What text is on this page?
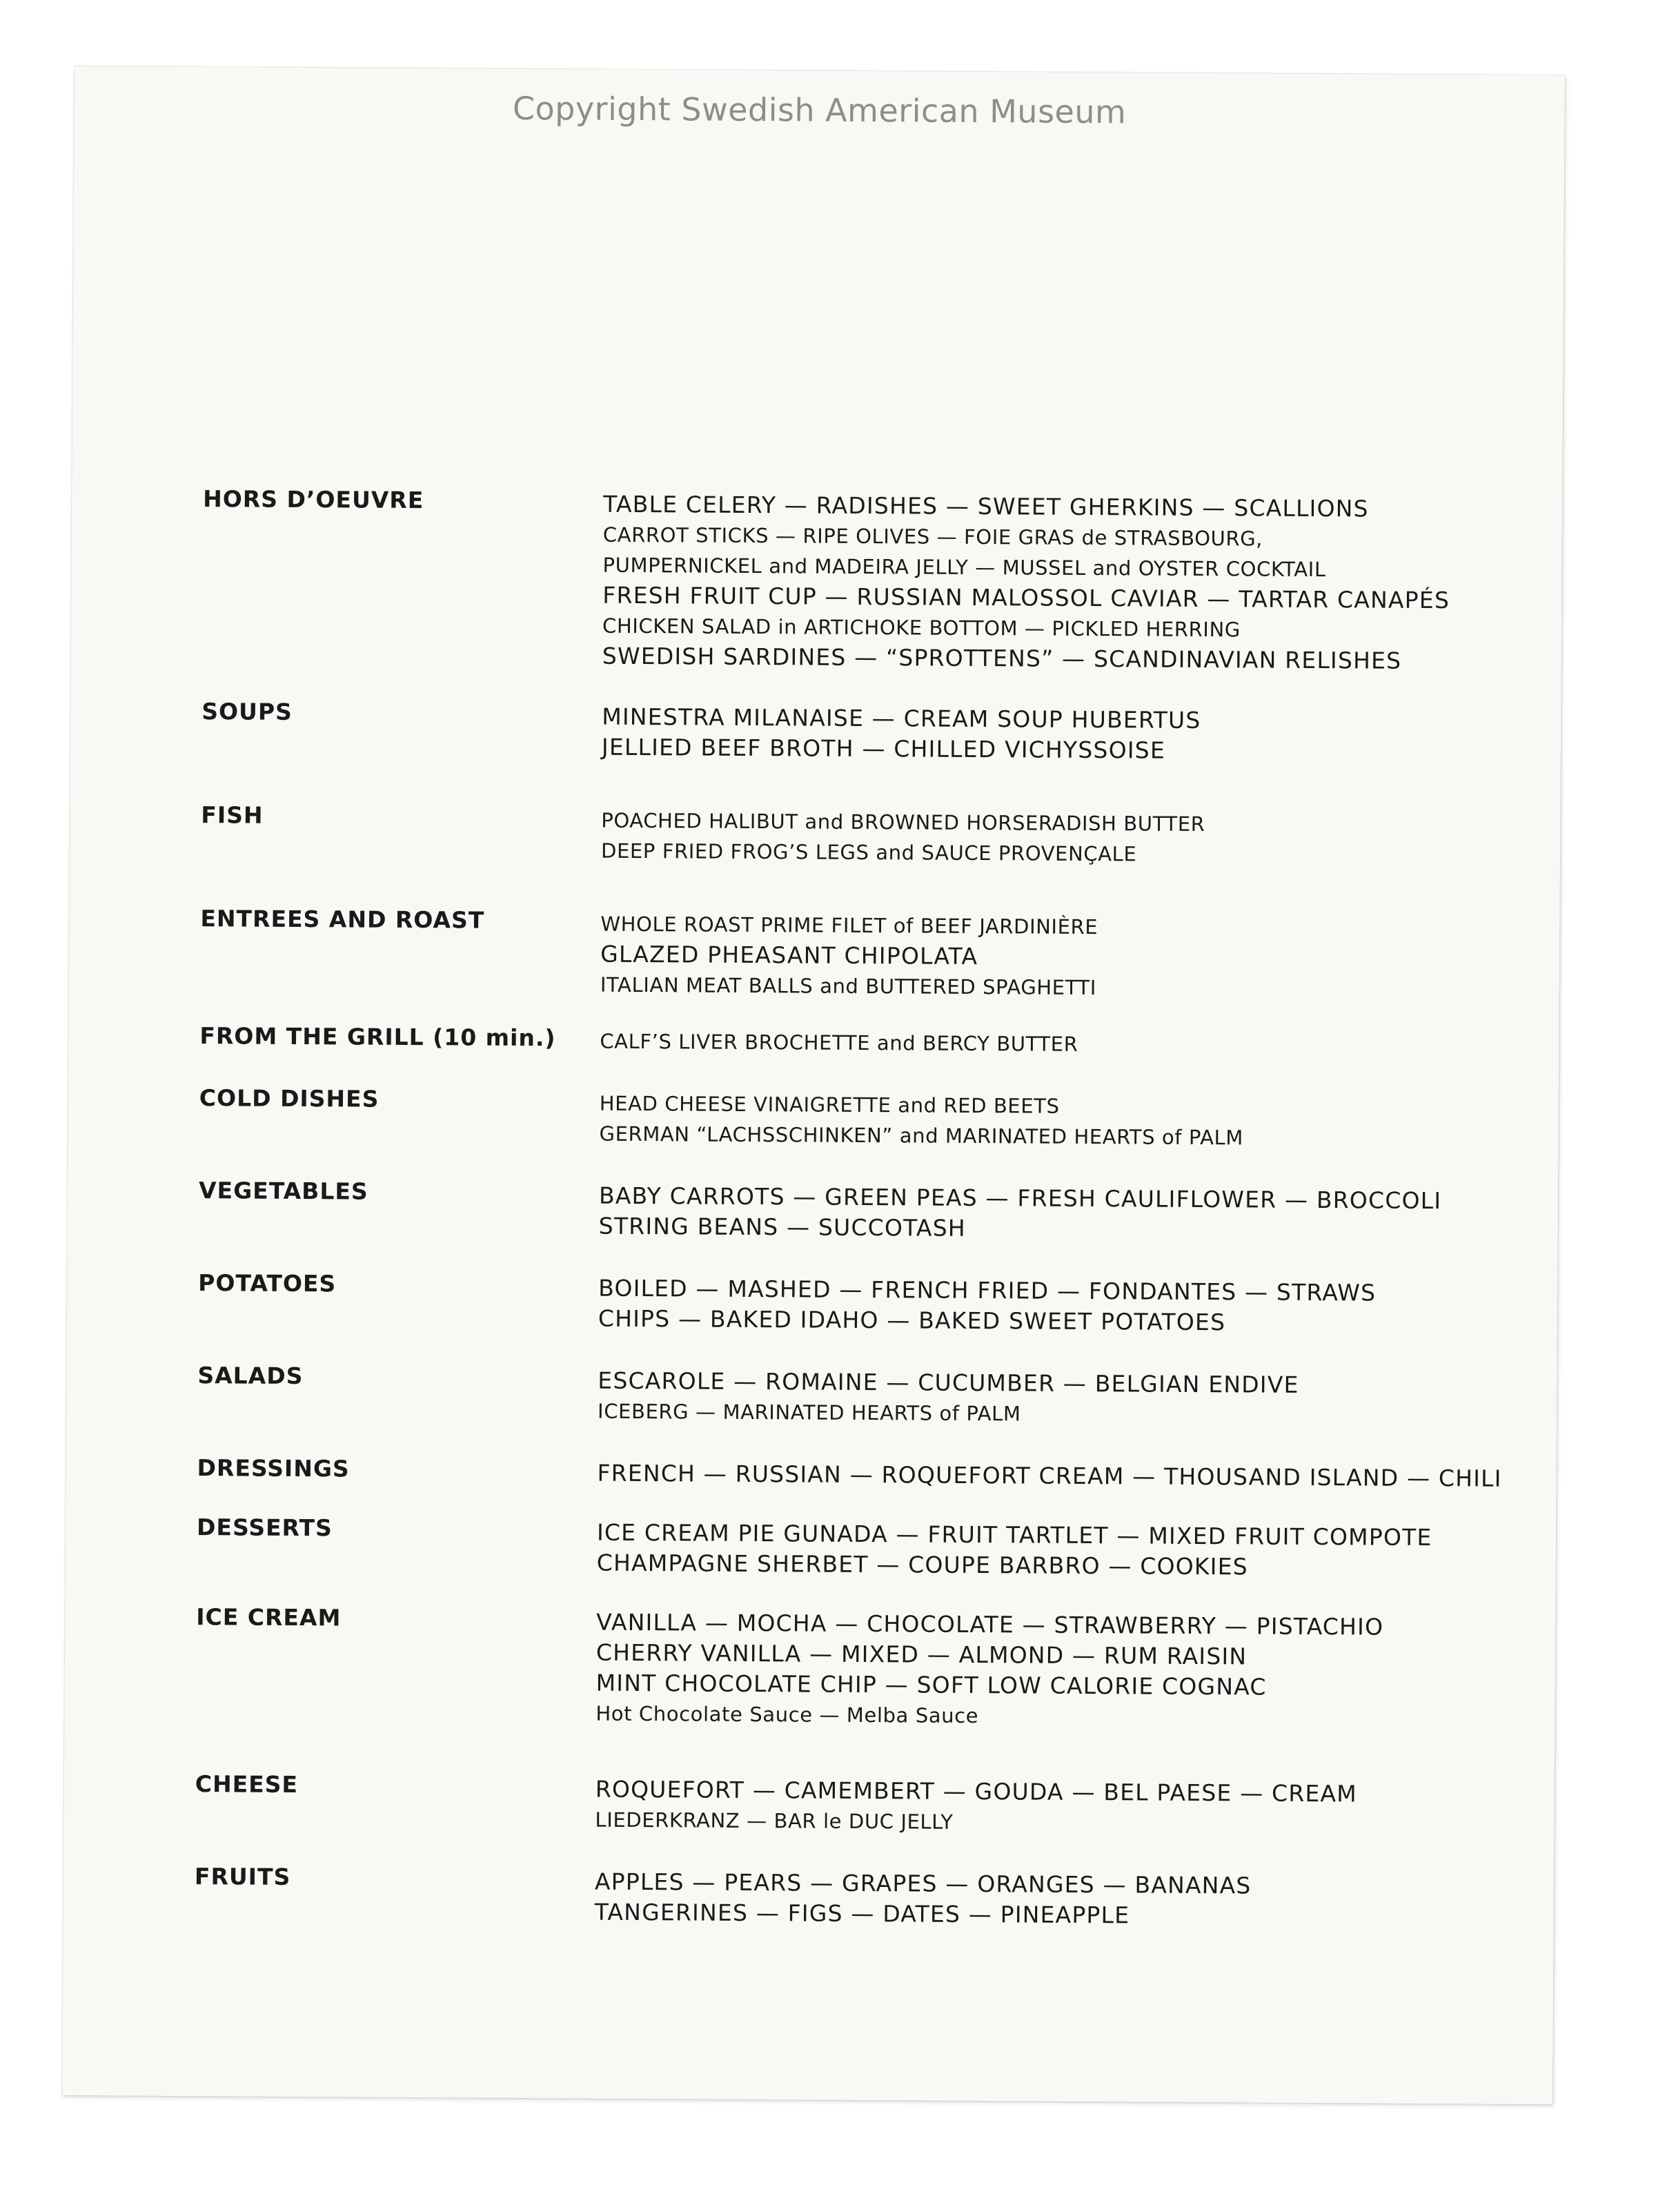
Copyright Swedish American Museum
HORS D’OEUVRE	TABLE CELERY — RADISHES — SWEET GHERKINS — SCALLIONS
CARROT STICKS — RIPE OLIVES — FOIE GRAS de STRASBOURG,
PUMPERNICKEL and MADEIRA JELLY — MUSSEL and OYSTER COCKTAIL
FRESH FRUIT CUP — RUSSIAN MALOSSOL CAVIAR — TARTAR CANAPÉS
CHICKEN SALAD in ARTICHOKE BOTTOM — PICKLED HERRING
SWEDISH SARDINES — “SPROTTENS” — SCANDINAVIAN RELISHES
SOUPS	MINESTRA MILANAISE — CREAM SOUP HUBERTUS
JELLIED BEEF BROTH — CHILLED VICHYSSOISE
FISH	POACHED HALIBUT and BROWNED HORSERADISH BUTTER
DEEP FRIED FROG’S LEGS and SAUCE PROVENÇALE
ENTREES AND ROAST	WHOLE ROAST PRIME FILET of BEEF JARDINIÈRE
GLAZED PHEASANT CHIPOLATA
ITALIAN MEAT BALLS and BUTTERED SPAGHETTI
FROM THE GRILL (10 min.)	CALF’S LIVER BROCHETTE and BERCY BUTTER
COLD DISHES	HEAD CHEESE VINAIGRETTE and RED BEETS
GERMAN “LACHSSCHINKEN” and MARINATED HEARTS of PALM
VEGETABLES	BABY CARROTS — GREEN PEAS — FRESH CAULIFLOWER — BROCCOLI
STRING BEANS — SUCCOTASH
POTATOES	BOILED — MASHED — FRENCH FRIED — FONDANTES — STRAWS
CHIPS — BAKED IDAHO — BAKED SWEET POTATOES
SALADS	ESCAROLE — ROMAINE — CUCUMBER — BELGIAN ENDIVE
ICEBERG — MARINATED HEARTS of PALM
DRESSINGS	FRENCH — RUSSIAN — ROQUEFORT CREAM — THOUSAND ISLAND — CHILI
DESSERTS	ICE CREAM PIE GUNADA — FRUIT TARTLET — MIXED FRUIT COMPOTE
CHAMPAGNE SHERBET — COUPE BARBRO — COOKIES
ICE CREAM	VANILLA — MOCHA — CHOCOLATE — STRAWBERRY — PISTACHIO
CHERRY VANILLA — MIXED — ALMOND — RUM RAISIN
MINT CHOCOLATE CHIP — SOFT LOW CALORIE COGNAC
Hot Chocolate Sauce — Melba Sauce
CHEESE	ROQUEFORT — CAMEMBERT — GOUDA — BEL PAESE — CREAM
LIEDERKRANZ — BAR le DUC JELLY
FRUITS	APPLES — PEARS — GRAPES — ORANGES — BANANAS
TANGERINES — FIGS — DATES — PINEAPPLE
